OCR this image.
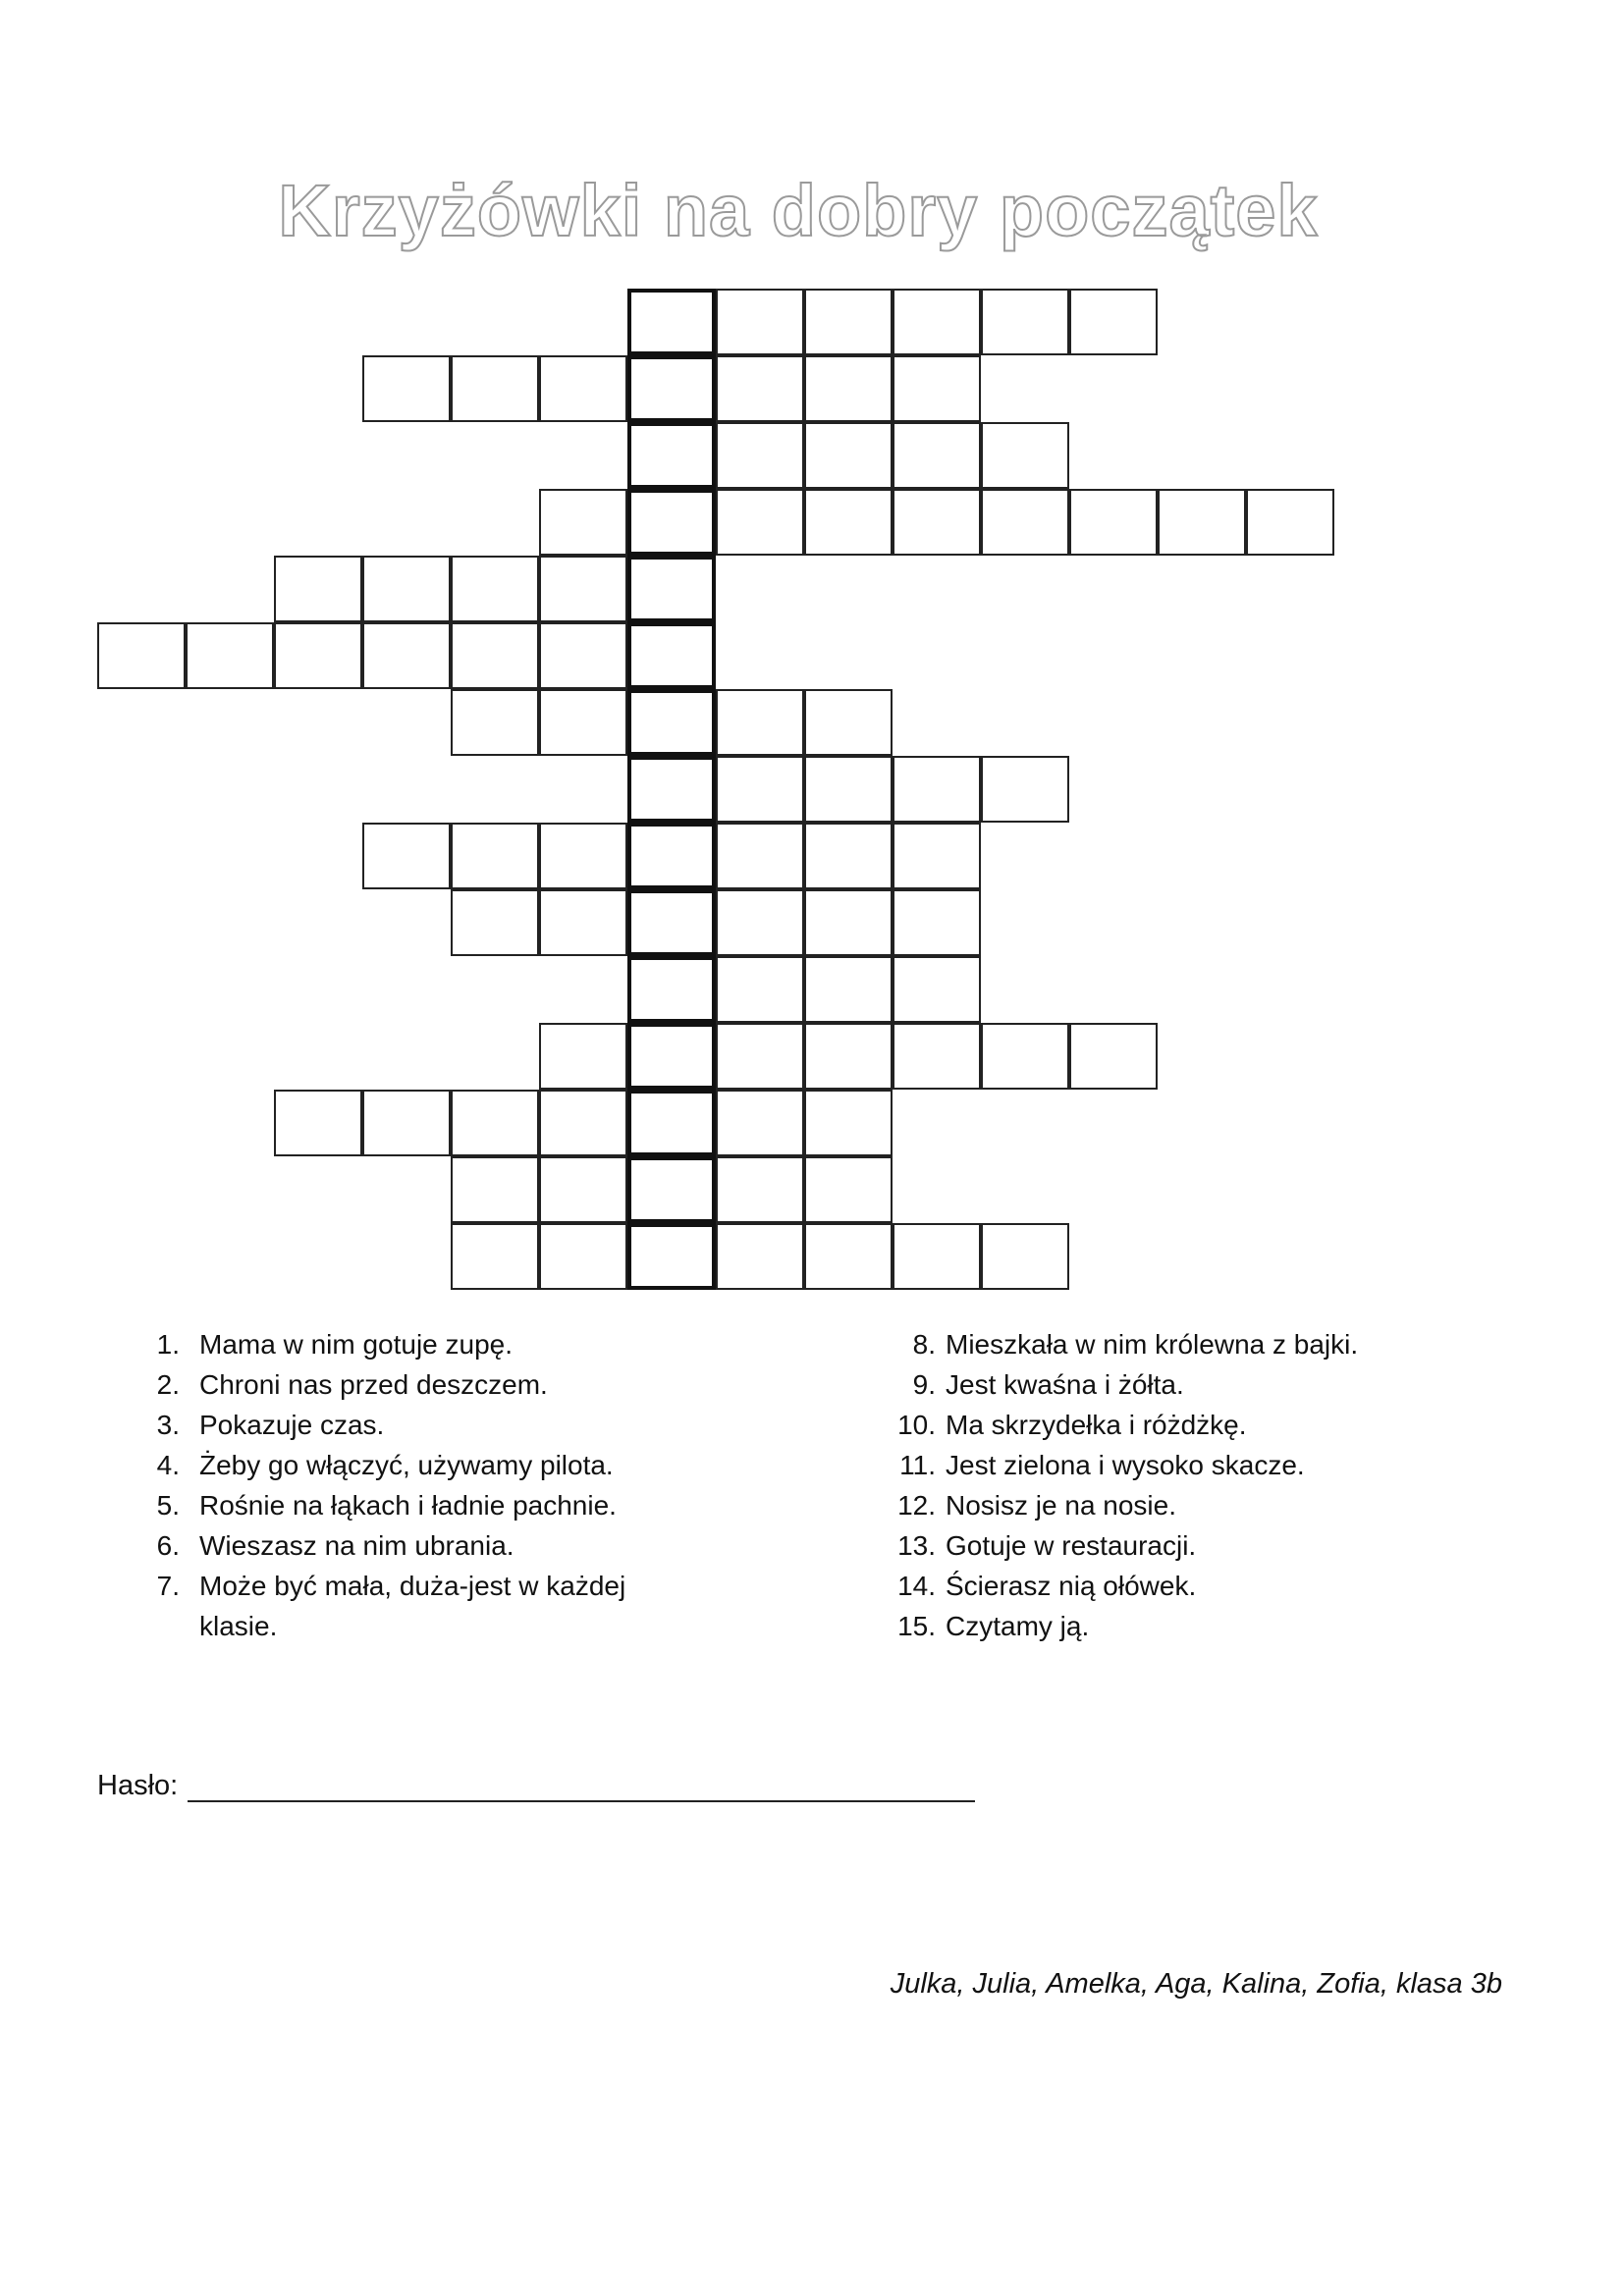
Krzyżówki na dobry początek
1. Mama w nim gotuje zupę.
2. Chroni nas przed deszczem.
3. Pokazuje czas.
4. Żeby go włączyć, używamy pilota.
5. Rośnie na łąkach i ładnie pachnie.
6. Wieszasz na nim ubrania.
7. Może być mała, duża-jest w każdej klasie.
8. Mieszkała w nim królewna z bajki.
9. Jest kwaśna i żółta.
10. Ma skrzydełka i różdżkę.
11. Jest zielona i wysoko skacze.
12. Nosisz je na nosie.
13. Gotuje w restauracji.
14. Ścierasz nią ołówek.
15. Czytamy ją.
Hasło:
Julka, Julia, Amelka, Aga, Kalina, Zofia, klasa 3b
